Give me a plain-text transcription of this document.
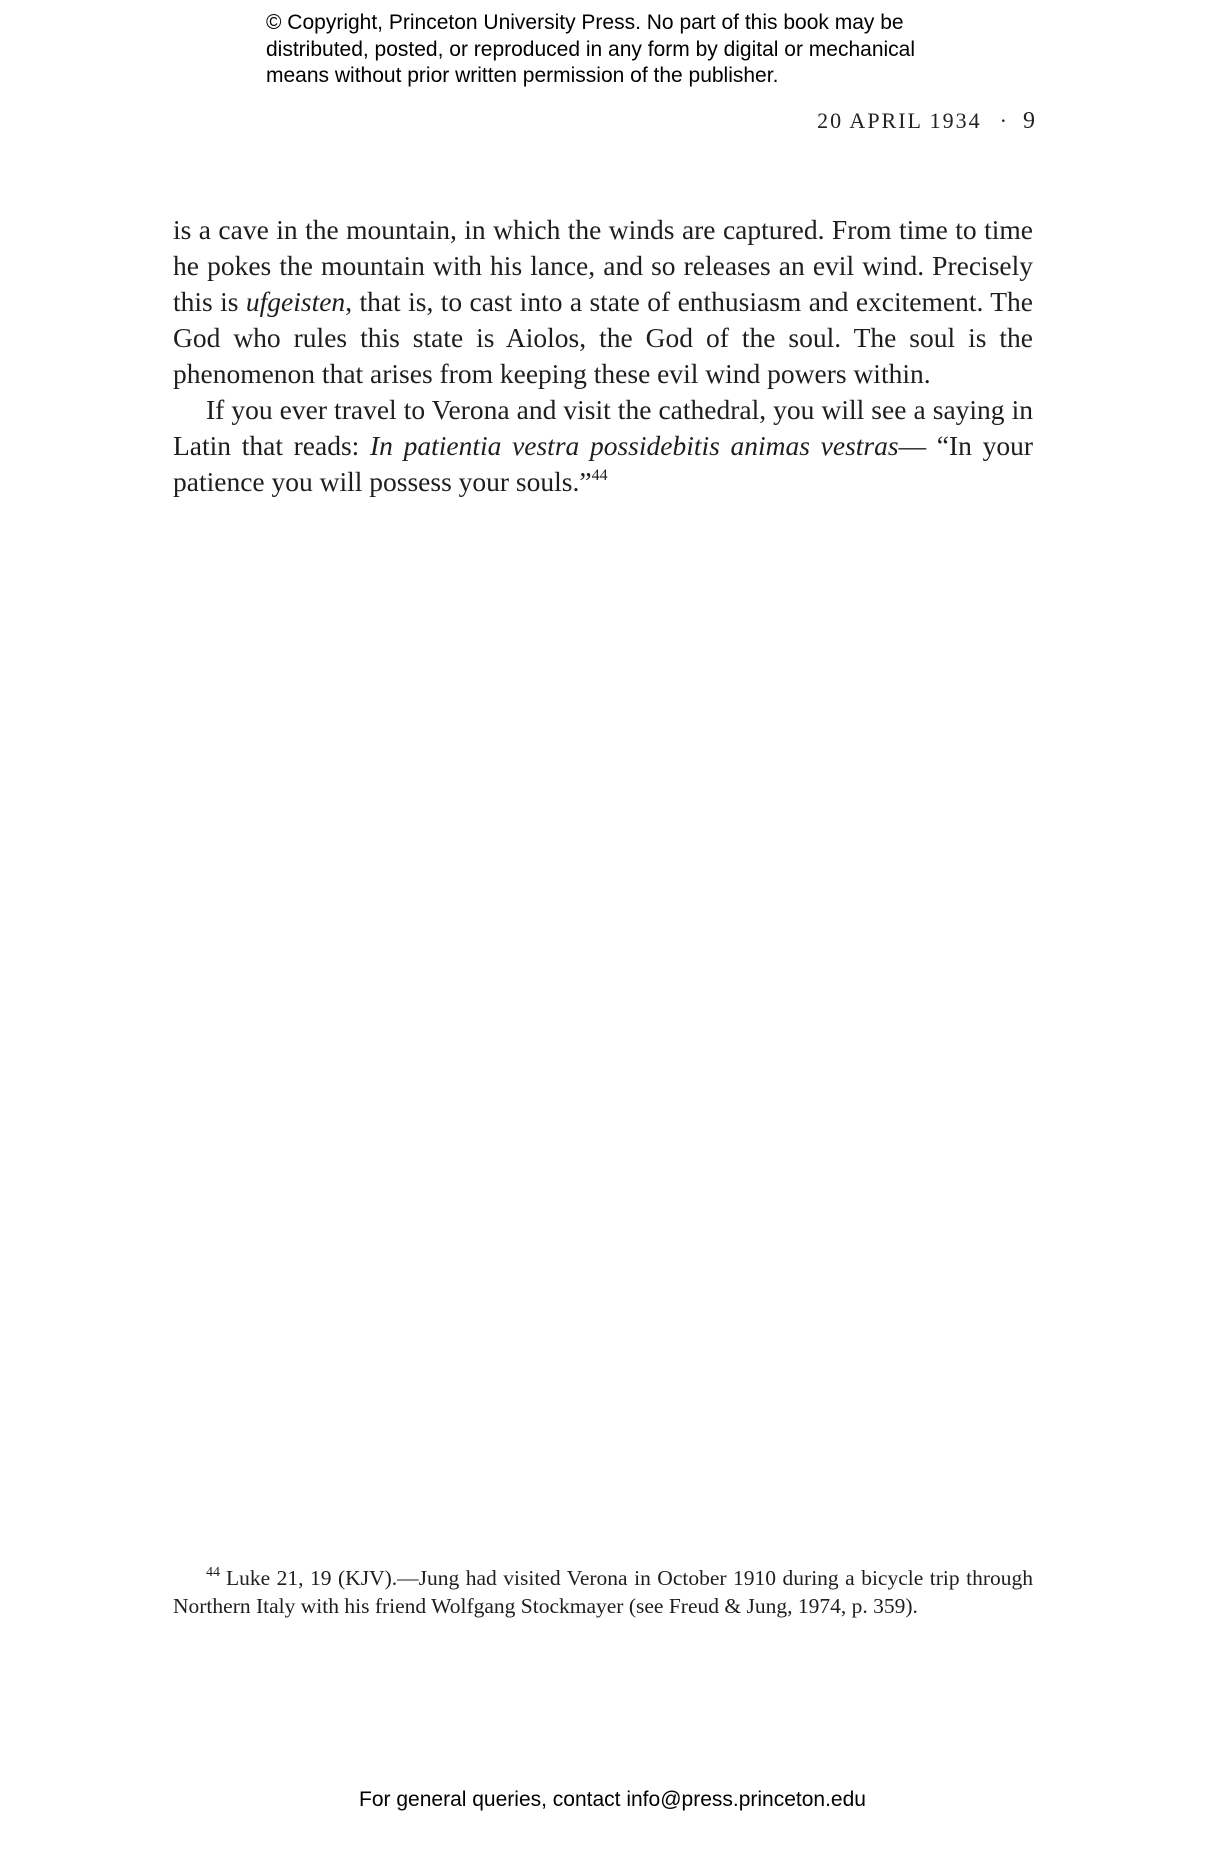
© Copyright, Princeton University Press. No part of this book may be
distributed, posted, or reproduced in any form by digital or mechanical
means without prior written permission of the publisher.
20 APRIL 1934 · 9

is a cave in the mountain, in which the winds are captured. From time to time he pokes the mountain with his lance, and so releases an evil wind. Precisely this is ufgeisten, that is, to cast into a state of enthusiasm and excitement. The God who rules this state is Aiolos, the God of the soul. The soul is the phenomenon that arises from keeping these evil wind powers within.

If you ever travel to Verona and visit the cathedral, you will see a saying in Latin that reads: In patientia vestra possidebitis animas vestras— “In your patience you will possess your souls.”$^{44}$

$^{44}$ Luke 21, 19 (KJV).—Jung had visited Verona in October 1910 during a bicycle trip through Northern Italy with his friend Wolfgang Stockmayer (see Freud & Jung, 1974, p. 359).

For general queries, contact info@press.princeton.edu
